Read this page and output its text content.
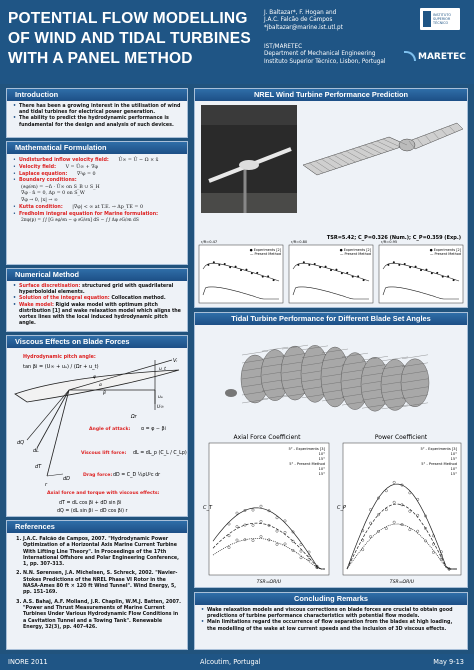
POTENTIAL FLOW MODELLING
OF WIND AND TIDAL TURBINES
WITH A PANEL METHOD
J. Baltazar*, F. Hogan and
J.A.C. Falcão de Campos
*jbaltazar@marine.ist.utl.pt
IST/MARETEC
Department of Mechanical Engineering
Instituto Superior Técnico, Lisbon, Portugal
INSTITUTO
SUPERIOR
TÉCNICO
MARETEC
Introduction
• There has been a growing interest in the utilisation of wind and tidal turbines for electrical power generation.
• The ability to predict the hydrodynamic performance is fundamental for the design and analysis of such devices.
Mathematical Formulation
• Undisturbed inflow velocity field: Û∞ = Û − Ω × x̂
• Velocity field: V = Û∞ + ∇φ
• Laplace equation: ∇²φ = 0
• Boundary conditions:
(∂φ/∂n) = −n̂ · Û∞ on S_B ∪ S_H
∇φ · n̂ = 0, Δp = 0 on S_W
∇φ → 0, |x| → ∞
• Kutta condition: |∇φ| < ∞ at T.E. → Δp_TE = 0
• Fredholm integral equation for Marine formulation:
2πφ(p) = ∫∫ [G ∂φ/∂n − φ ∂G/∂n] dS − ∫∫ Δφ ∂G/∂n dS
Numerical Method
• Surface discretisation: structured grid with quadrilateral hyperboloidal elements.
• Solution of the integral equation: Collocation method.
• Wake model: Rigid wake model with optimum pitch distribution [1] and wake relaxation model which aligns the vortex lines with the local induced hydrodynamic pitch angle.
Viscous Effects on Blade Forces
Hydrodynamic pitch angle:
tan βi = (U∞ + uₐ) / (Ωr + u_t)
Vᵢ
u_t
uₐ
U∞
Ωr
α
β
φ
dT
dL
dQ
dD
r
Angle of attack: α = φ − βi
Viscous lift force: dL = dL_p (C_L / C_Lp)
Drag force: dD = C_D ½ρU²c dr
Axial force and torque with viscous effects:
dT = dL cos βi + dD sin βi
dQ = (dL sin βi − dD cos βi) r
References
1. J.A.C. Falcão de Campos, 2007. "Hydrodynamic Power Optimization of a Horizontal Axis Marine Current Turbine With Lifting Line Theory". In Proceedings of the 17th International Offshore and Polar Engineering Conference, 1, pp. 307-313.
2. N.N. Sørensen, J.A. Michelsen, S. Schreck, 2002. "Navier-Stokes Predictions of the NREL Phase VI Rotor in the NASA-Ames 80 ft × 120 ft Wind Tunnel". Wind Energy, 5, pp. 151-169.
3. A.S. Bahaj, A.F. Molland, J.R. Chaplin, W.M.J. Batten, 2007. "Power and Thrust Measurements of Marine Current Turbines Under Various Hydrodynamic Flow Conditions in a Cavitation Tunnel and a Towing Tank". Renewable Energy, 32(3), pp. 407-426.
NREL Wind Turbine Performance Prediction
TSR=5.42; C_P=0.326 (Num.); C_P=0.359 (Exp.)
r/R=0.47
● Experiments [2]
— Present Method
r/R=0.80
● Experiments [2]
— Present Method
r/R=0.95
● Experiments [2]
— Present Method
Tidal Turbine Performance for Different Blade Set Angles
Axial Force Coefficient	Power Coefficient
C_T
TSR=ΩR/U
5° - Experiments [3]
10°
15°
5° - Present Method
10°
15°
C_P
TSR=ΩR/U
5° - Experiments [3]
10°
15°
5° - Present Method
10°
15°
Concluding Remarks
• Wake relaxation models and viscous corrections on blade forces are crucial to obtain good predictions of turbine performance characteristics with potential flow models.
• Main limitations regard the occurrence of flow separation from the blades at high loading, the modelling of the wake at low current speeds and the inclusion of 3D viscous effects.
INORE 2011	Alcoutim, Portugal	May 9-13
